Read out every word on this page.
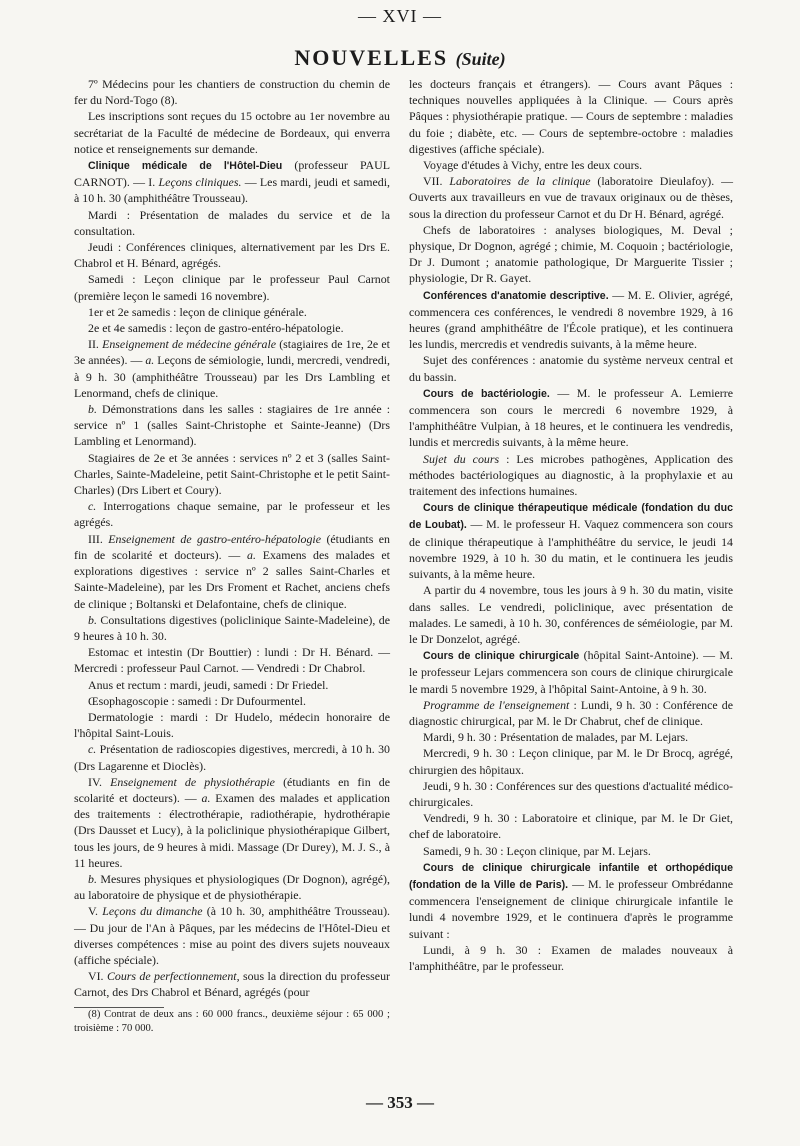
— XVI —
NOUVELLES (Suite)

7º Médecins pour les chantiers de construction du chemin de fer du Nord-Togo (8).

Les inscriptions sont reçues du 15 octobre au 1er novembre au secrétariat de la Faculté de médecine de Bordeaux, qui enverra notice et renseignements sur demande.

Clinique médicale de l'Hôtel-Dieu (professeur PAUL CARNOT). — I. Leçons cliniques. — Les mardi, jeudi et samedi, à 10 h. 30 (amphithéâtre Trousseau).

Mardi : Présentation de malades du service et de la consultation.

Jeudi : Conférences cliniques, alternativement par les Drs E. Chabrol et H. Bénard, agrégés.

Samedi : Leçon clinique par le professeur Paul Carnot (première leçon le samedi 16 novembre).

1er et 2e samedis : leçon de clinique générale.

2e et 4e samedis : leçon de gastro-entéro-hépatologie.

II. Enseignement de médecine générale (stagiaires de 1re, 2e et 3e années). — a. Leçons de sémiologie, lundi, mercredi, vendredi, à 9 h. 30 (amphithéâtre Trousseau) par les Drs Lambling et Lenormand, chefs de clinique.

b. Démonstrations dans les salles : stagiaires de 1re année : service nº 1 (salles Saint-Christophe et Sainte-Jeanne) (Drs Lambling et Lenormand).

Stagiaires de 2e et 3e années : services nº 2 et 3 (salles Saint-Charles, Sainte-Madeleine, petit Saint-Christophe et le petit Saint-Charles) (Drs Libert et Coury).

c. Interrogations chaque semaine, par le professeur et les agrégés.

III. Enseignement de gastro-entéro-hépatologie (étudiants en fin de scolarité et docteurs). — a. Examens des malades et explorations digestives : service nº 2 salles Saint-Charles et Sainte-Madeleine), par les Drs Froment et Rachet, anciens chefs de clinique ; Boltanski et Delafontaine, chefs de clinique.

b. Consultations digestives (policlinique Sainte-Madeleine), de 9 heures à 10 h. 30.

Estomac et intestin (Dr Bouttier) : lundi : Dr H. Bénard. — Mercredi : professeur Paul Carnot. — Vendredi : Dr Chabrol.

Anus et rectum : mardi, jeudi, samedi : Dr Friedel.

Œsophagoscopie : samedi : Dr Dufourmentel.

Dermatologie : mardi : Dr Hudelo, médecin honoraire de l'hôpital Saint-Louis.

c. Présentation de radioscopies digestives, mercredi, à 10 h. 30 (Drs Lagarenne et Dioclès).

IV. Enseignement de physiothérapie (étudiants en fin de scolarité et docteurs). — a. Examen des malades et application des traitements : électrothérapie, radiothérapie, hydrothérapie (Drs Dausset et Lucy), à la policlinique physiothérapique Gilbert, tous les jours, de 9 heures à midi. Massage (Dr Durey), M. J. S., à 11 heures.

b. Mesures physiques et physiologiques (Dr Dognon), agrégé), au laboratoire de physique et de physiothérapie.

V. Leçons du dimanche (à 10 h. 30, amphithéâtre Trousseau). — Du jour de l'An à Pâques, par les médecins de l'Hôtel-Dieu et diverses compétences : mise au point des divers sujets nouveaux (affiche spéciale).

VI. Cours de perfectionnement, sous la direction du professeur Carnot, des Drs Chabrol et Bénard, agrégés (pour

(8) Contrat de deux ans : 60 000 francs., deuxième séjour : 65 000 ; troisième : 70 000.

les docteurs français et étrangers). — Cours avant Pâques : techniques nouvelles appliquées à la Clinique. — Cours après Pâques : physiothérapie pratique. — Cours de septembre : maladies du foie ; diabète, etc. — Cours de septembre-octobre : maladies digestives (affiche spéciale).

Voyage d'études à Vichy, entre les deux cours.

VII. Laboratoires de la clinique (laboratoire Dieulafoy). — Ouverts aux travailleurs en vue de travaux originaux ou de thèses, sous la direction du professeur Carnot et du Dr H. Bénard, agrégé.

Chefs de laboratoires : analyses biologiques, M. Deval ; physique, Dr Dognon, agrégé ; chimie, M. Coquoin ; bactériologie, Dr J. Dumont ; anatomie pathologique, Dr Marguerite Tissier ; physiologie, Dr R. Gayet.

Conférences d'anatomie descriptive. — M. E. Olivier, agrégé, commencera ces conférences, le vendredi 8 novembre 1929, à 16 heures (grand amphithéâtre de l'École pratique), et les continuera les lundis, mercredis et vendredis suivants, à la même heure.

Sujet des conférences : anatomie du système nerveux central et du bassin.

Cours de bactériologie. — M. le professeur A. Lemierre commencera son cours le mercredi 6 novembre 1929, à l'amphithéâtre Vulpian, à 18 heures, et le continuera les vendredis, lundis et mercredis suivants, à la même heure.

Sujet du cours : Les microbes pathogènes, Application des méthodes bactériologiques au diagnostic, à la prophylaxie et au traitement des infections humaines.

Cours de clinique thérapeutique médicale (fondation du duc de Loubat). — M. le professeur H. Vaquez commencera son cours de clinique thérapeutique à l'amphithéâtre du service, le jeudi 14 novembre 1929, à 10 h. 30 du matin, et le continuera les jeudis suivants, à la même heure.

A partir du 4 novembre, tous les jours à 9 h. 30 du matin, visite dans salles. Le vendredi, policlinique, avec présentation de malades. Le samedi, à 10 h. 30, conférences de séméiologie, par M. le Dr Donzelot, agrégé.

Cours de clinique chirurgicale (hôpital Saint-Antoine). — M. le professeur Lejars commencera son cours de clinique chirurgicale le mardi 5 novembre 1929, à l'hôpital Saint-Antoine, à 9 h. 30.

Programme de l'enseignement : Lundi, 9 h. 30 : Conférence de diagnostic chirurgical, par M. le Dr Chabrut, chef de clinique.

Mardi, 9 h. 30 : Présentation de malades, par M. Lejars.

Mercredi, 9 h. 30 : Leçon clinique, par M. le Dr Brocq, agrégé, chirurgien des hôpitaux.

Jeudi, 9 h. 30 : Conférences sur des questions d'actualité médico-chirurgicales.

Vendredi, 9 h. 30 : Laboratoire et clinique, par M. le Dr Giet, chef de laboratoire.

Samedi, 9 h. 30 : Leçon clinique, par M. Lejars.

Cours de clinique chirurgicale infantile et orthopédique (fondation de la Ville de Paris). — M. le professeur Ombrédanne commencera l'enseignement de clinique chirurgicale infantile le lundi 4 novembre 1929, et le continuera d'après le programme suivant :

Lundi, à 9 h. 30 : Examen de malades nouveaux à l'amphithéâtre, par le professeur.

— 353 —
